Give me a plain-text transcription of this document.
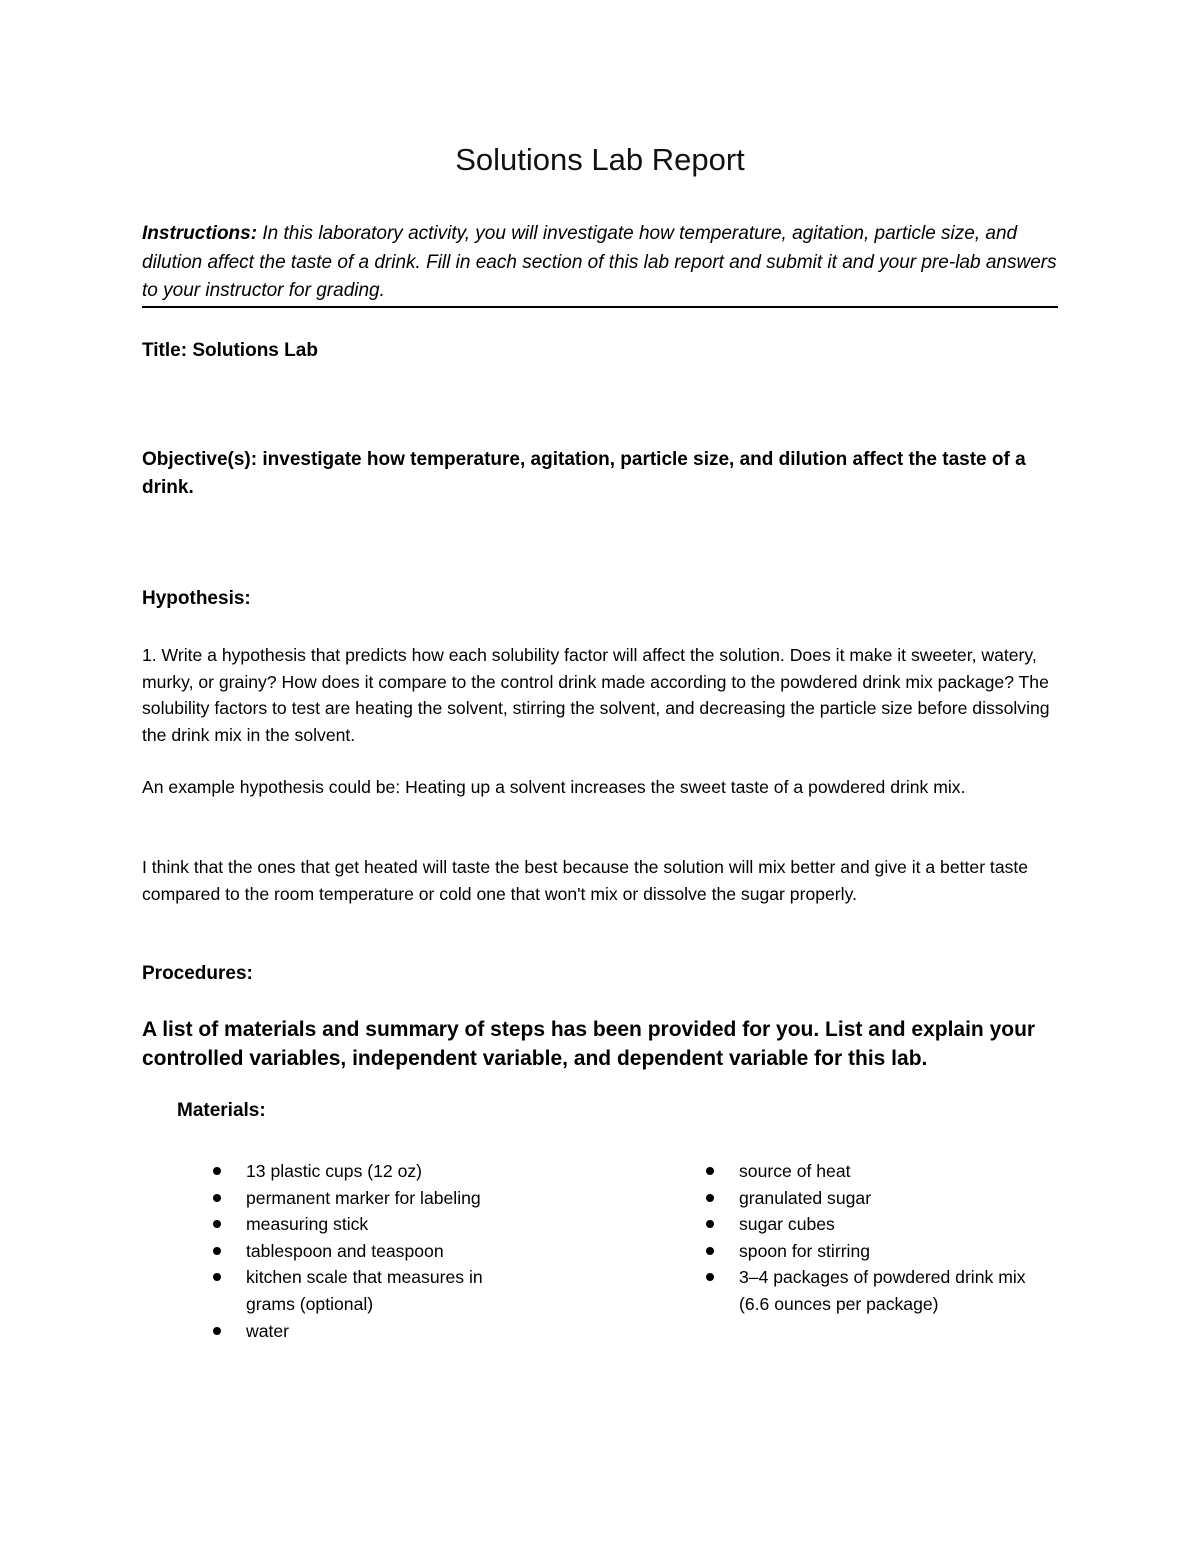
Solutions Lab Report
Instructions: In this laboratory activity, you will investigate how temperature, agitation, particle size, and dilution affect the taste of a drink. Fill in each section of this lab report and submit it and your pre-lab answers to your instructor for grading.
Title: Solutions Lab
Objective(s): investigate how temperature, agitation, particle size, and dilution affect the taste of a drink.
Hypothesis:
1. Write a hypothesis that predicts how each solubility factor will affect the solution. Does it make it sweeter, watery, murky, or grainy? How does it compare to the control drink made according to the powdered drink mix package? The solubility factors to test are heating the solvent, stirring the solvent, and decreasing the particle size before dissolving the drink mix in the solvent.
An example hypothesis could be: Heating up a solvent increases the sweet taste of a powdered drink mix.
I think that the ones that get heated will taste the best because the solution will mix better and give it a better taste compared to the room temperature or cold one that won't mix or dissolve the sugar properly.
Procedures:
A list of materials and summary of steps has been provided for you. List and explain your controlled variables, independent variable, and dependent variable for this lab.
Materials:
13 plastic cups (12 oz)
permanent marker for labeling
measuring stick
tablespoon and teaspoon
kitchen scale that measures in grams (optional)
water
source of heat
granulated sugar
sugar cubes
spoon for stirring
3–4 packages of powdered drink mix (6.6 ounces per package)
